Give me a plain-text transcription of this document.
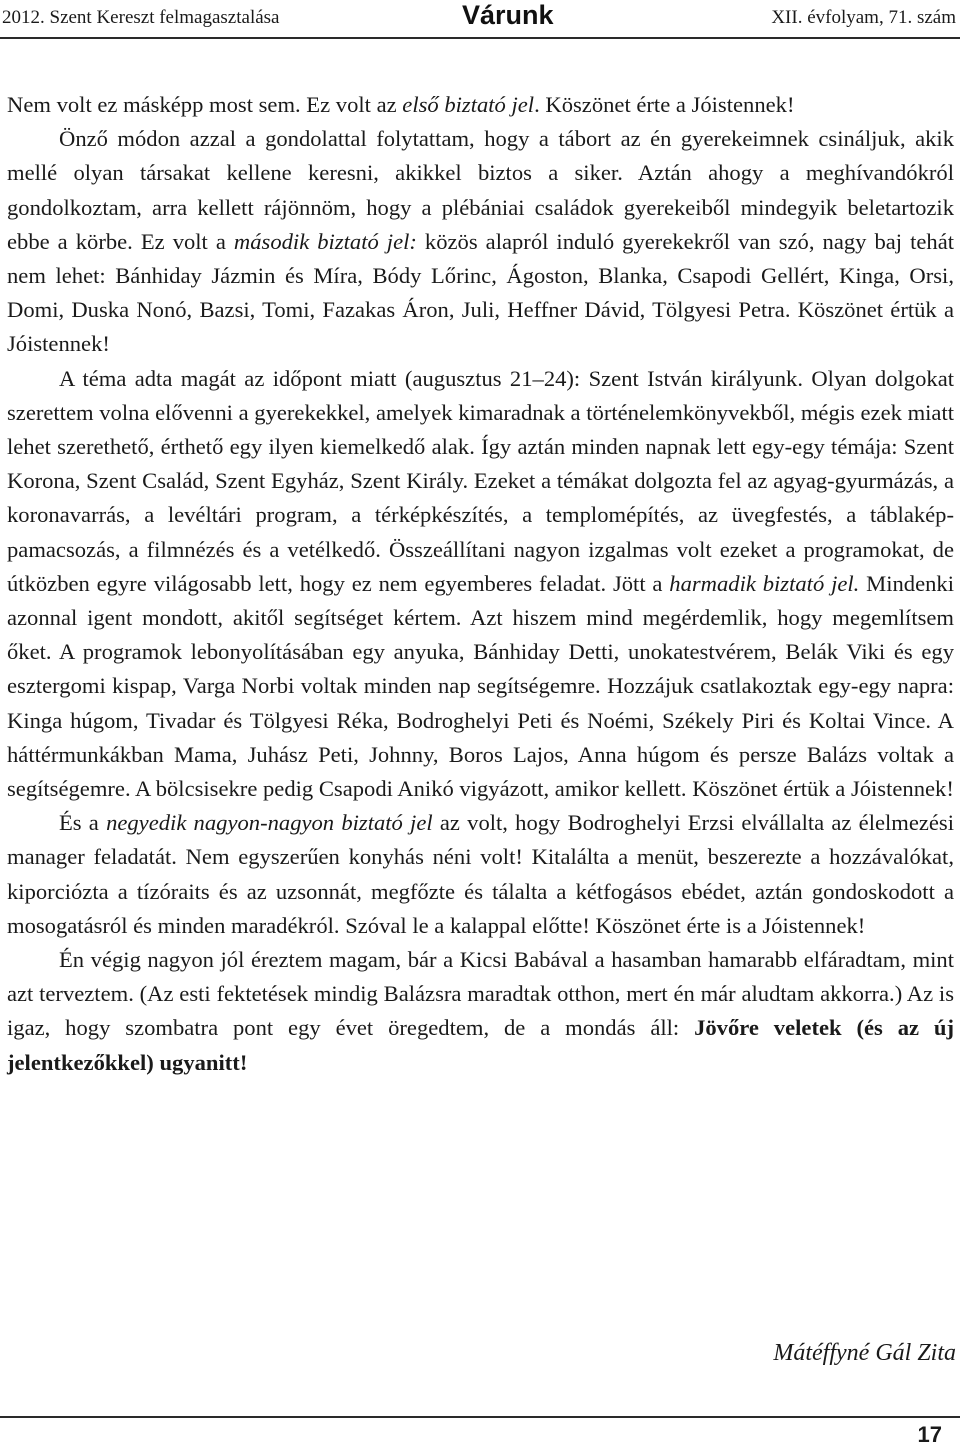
2012. Szent Kereszt felmagasztalása	Várunk	XII. évfolyam, 71. szám

Nem volt ez másképp most sem. Ez volt az első biztató jel. Köszönet érte a Jóistennek!

Önző módon azzal a gondolattal folytattam, hogy a tábort az én gyerekeimnek csináljuk, akik mellé olyan társakat kellene keresni, akikkel biztos a siker. Aztán ahogy a meghívandókról gondolkoztam, arra kellett rájönnöm, hogy a plébániai családok gyerekeiből mindegyik beletartozik ebbe a körbe. Ez volt a második biztató jel: közös alapról induló gyerekekről van szó, nagy baj tehát nem lehet: Bánhiday Jázmin és Míra, Bódy Lőrinc, Ágoston, Blanka, Csapodi Gellért, Kinga, Orsi, Domi, Duska Nonó, Bazsi, Tomi, Fazakas Áron, Juli, Heffner Dávid, Tölgyesi Petra. Köszönet értük a Jóistennek!

A téma adta magát az időpont miatt (augusztus 21–24): Szent István királyunk. Olyan dolgokat szerettem volna elővenni a gyerekekkel, amelyek kimaradnak a történelemkönyvekből, mégis ezek miatt lehet szerethető, érthető egy ilyen kiemelkedő alak. Így aztán minden napnak lett egy-egy témája: Szent Korona, Szent Család, Szent Egyház, Szent Király. Ezeket a témákat dolgozta fel az agyag-gyurmázás, a koronavarrás, a levéltári program, a térképkészítés, a templomépítés, az üvegfestés, a táblakép-pamacsozás, a filmnézés és a vetélkedő. Összeállítani nagyon izgalmas volt ezeket a programokat, de útközben egyre világosabb lett, hogy ez nem egyemberes feladat. Jött a harmadik biztató jel. Mindenki azonnal igent mondott, akitől segítséget kértem. Azt hiszem mind megérdemlik, hogy megemlítsem őket. A programok lebonyolításában egy anyuka, Bánhiday Detti, unokatestvérem, Belák Viki és egy esztergomi kispap, Varga Norbi voltak minden nap segítségemre. Hozzájuk csatlakoztak egy-egy napra: Kinga húgom, Tivadar és Tölgyesi Réka, Bodroghelyi Peti és Noémi, Székely Piri és Koltai Vince. A háttérmunkákban Mama, Juhász Peti, Johnny, Boros Lajos, Anna húgom és persze Balázs voltak a segítségemre. A bölcsisekre pedig Csapodi Anikó vigyázott, amikor kellett. Köszönet értük a Jóistennek!

És a negyedik nagyon-nagyon biztató jel az volt, hogy Bodroghelyi Erzsi elvállalta az élelmezési manager feladatát. Nem egyszerűen konyhás néni volt! Kitalálta a menüt, beszerezte a hozzávalókat, kiporciózta a tízóraits és az uzsonnát, megfőzte és tálalta a kétfogásos ebédet, aztán gondoskodott a mosogatásról és minden maradékról. Szóval le a kalappal előtte! Köszönet érte is a Jóistennek!

Én végig nagyon jól éreztem magam, bár a Kicsi Babával a hasamban hamarabb elfáradtam, mint azt terveztem. (Az esti fektetések mindig Balázsra maradtak otthon, mert én már aludtam akkorra.) Az is igaz, hogy szombatra pont egy évet öregedtem, de a mondás áll: Jövőre veletek (és az új jelentkezőkkel) ugyanitt!

Mátéffyné Gál Zita
17
